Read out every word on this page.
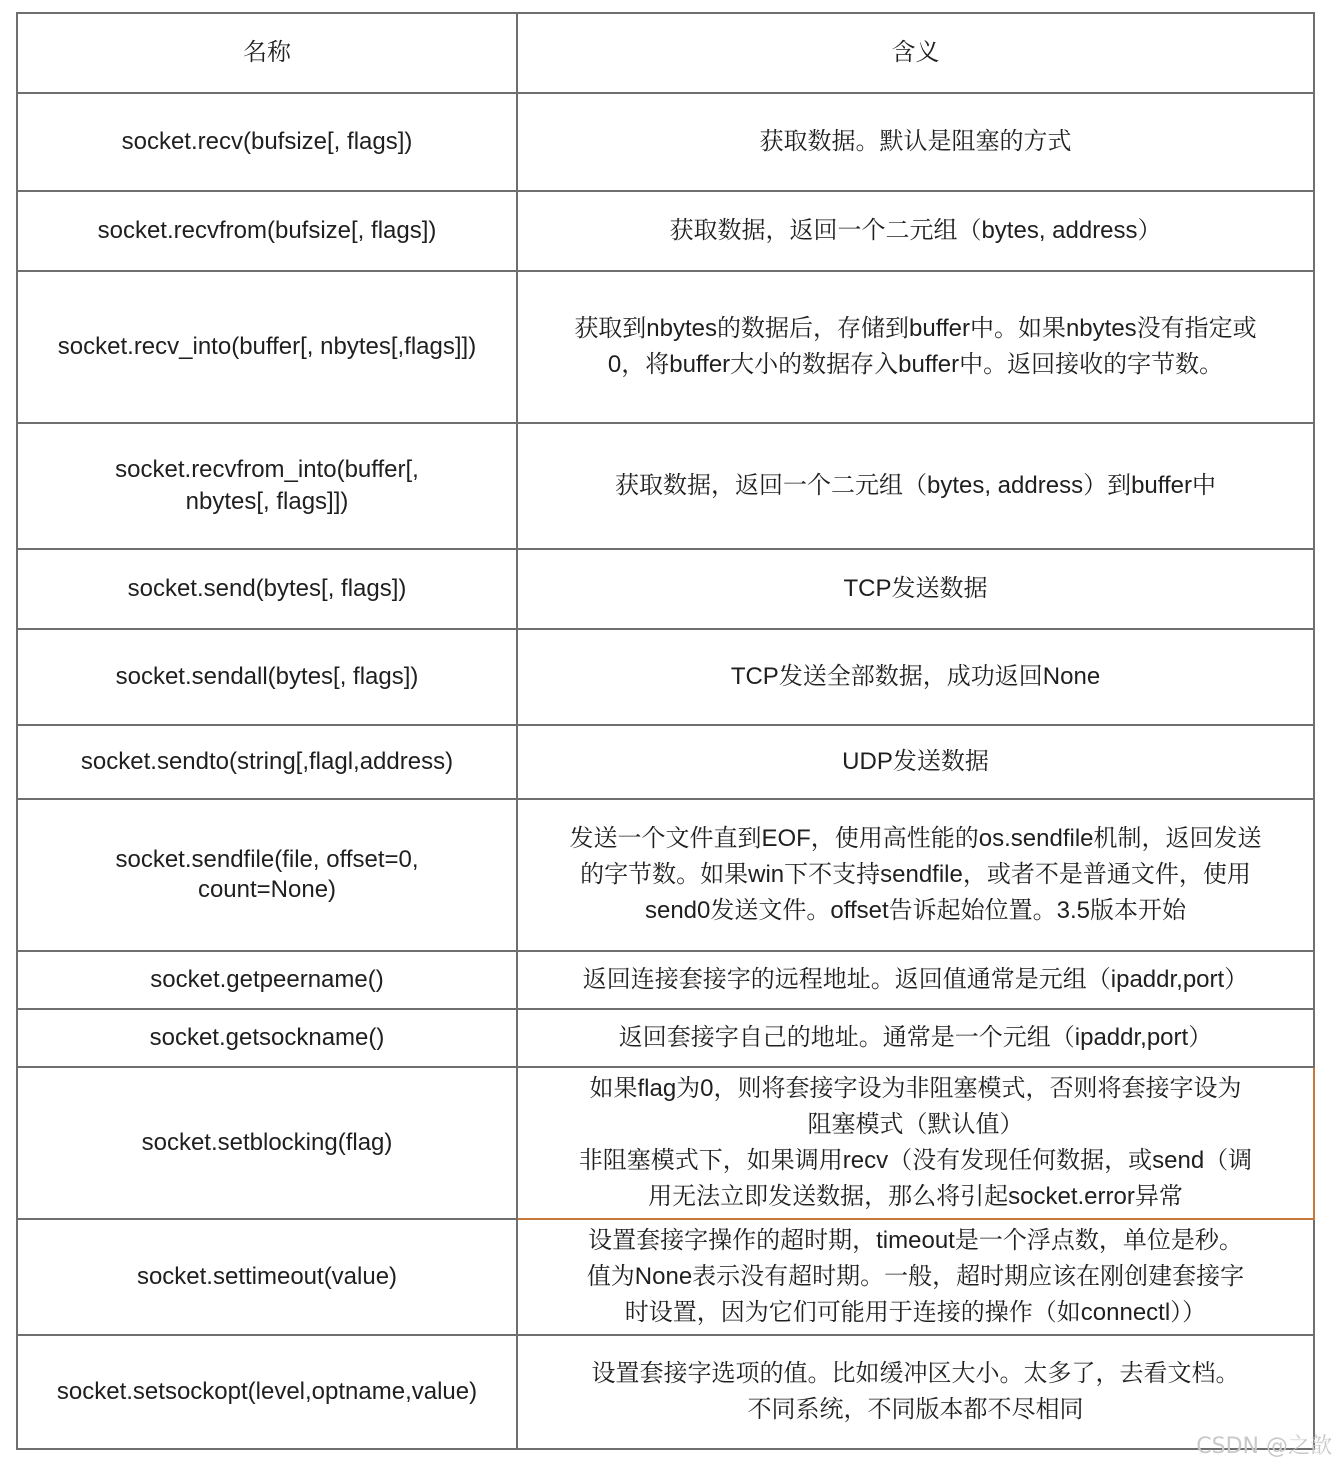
名称	含义

socket.recv(bufsize[, flags])	获取数据。默认是阻塞的方式

socket.recvfrom(bufsize[, flags])	获取数据，返回一个二元组（bytes, address）

socket.recv_into(buffer[, nbytes[,flags]])	获取到nbytes的数据后，存储到buffer中。如果nbytes没有指定或
0，将buffer大小的数据存入buffer中。返回接收的字节数。

socket.recvfrom_into(buffer[,
nbytes[, flags]])	获取数据，返回一个二元组（bytes, address）到buffer中

socket.send(bytes[, flags])	TCP发送数据

socket.sendall(bytes[, flags])	TCP发送全部数据，成功返回None

socket.sendto(string[,flagl,address)	UDP发送数据

socket.sendfile(file, offset=0,
count=None)	发送一个文件直到EOF，使用高性能的os.sendfile机制，返回发送
的字节数。如果win下不支持sendfile，或者不是普通文件，使用
send0发送文件。offset告诉起始位置。3.5版本开始

socket.getpeername()	返回连接套接字的远程地址。返回值通常是元组（ipaddr,port）

socket.getsockname()	返回套接字自己的地址。通常是一个元组（ipaddr,port）

socket.setblocking(flag)	如果flag为0，则将套接字设为非阻塞模式，否则将套接字设为
阻塞模式（默认值）
非阻塞模式下，如果调用recv（没有发现任何数据，或send（调
用无法立即发送数据，那么将引起socket.error异常

socket.settimeout(value)	设置套接字操作的超时期，timeout是一个浮点数，单位是秒。
值为None表示没有超时期。一般，超时期应该在刚创建套接字
时设置，因为它们可能用于连接的操作（如connectl））

socket.setsockopt(level,optname,value)	设置套接字选项的值。比如缓冲区大小。太多了，去看文档。
不同系统，不同版本都不尽相同
CSDN @之歆
